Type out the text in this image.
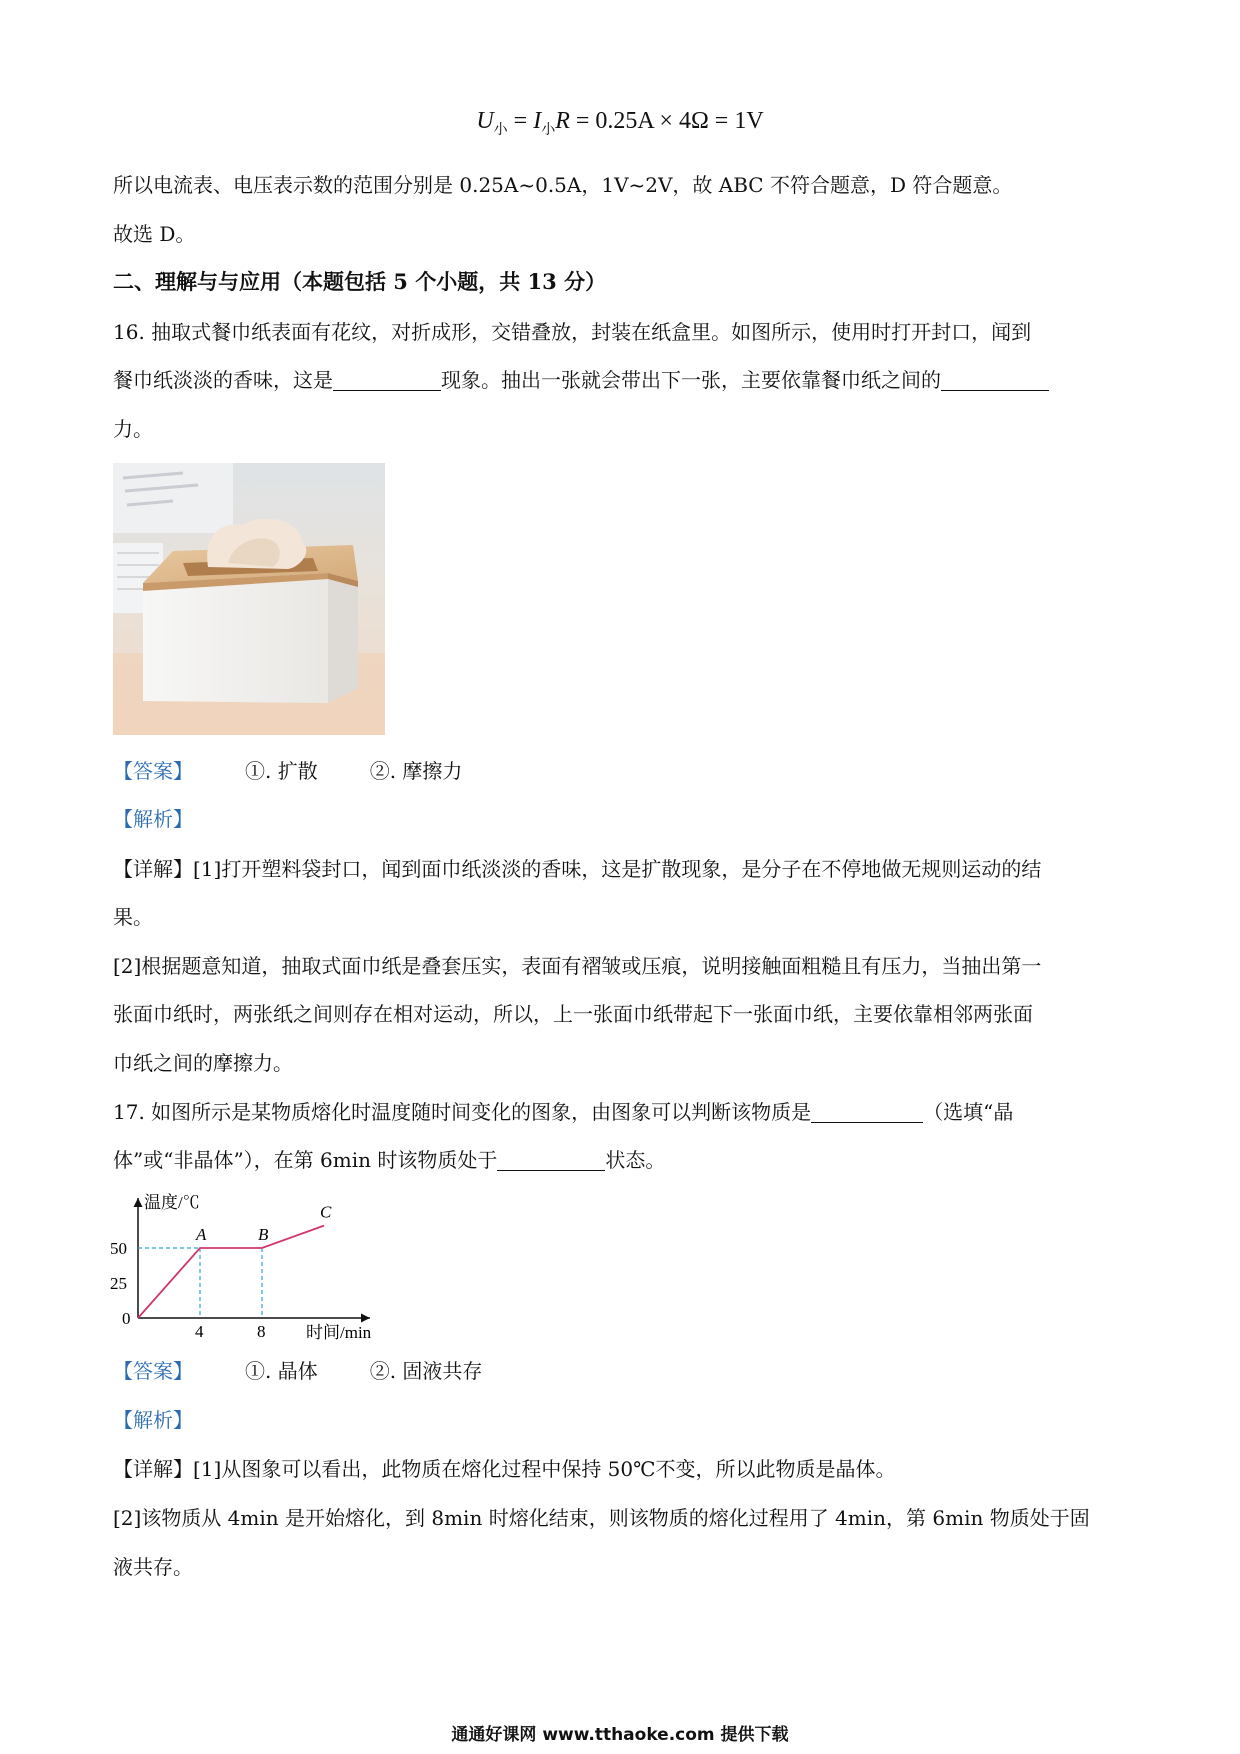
$U_小 = I_小R = 0.25A \times 4\Omega = 1V$
所以电流表、电压表示数的范围分别是 0.25A~0.5A，1V~2V，故 ABC 不符合题意，D 符合题意。
故选 D。
二、理解与与应用（本题包括 5 个小题，共 13 分）
16. 抽取式餐巾纸表面有花纹，对折成形，交错叠放，封装在纸盒里。如图所示，使用时打开封口，闻到
餐巾纸淡淡的香味，这是	现象。抽出一张就会带出下一张，主要依靠餐巾纸之间的
力。
【答案】	①. 扩散	②. 摩擦力
【解析】
【详解】[1]打开塑料袋封口，闻到面巾纸淡淡的香味，这是扩散现象，是分子在不停地做无规则运动的结
果。
[2]根据题意知道，抽取式面巾纸是叠套压实，表面有褶皱或压痕，说明接触面粗糙且有压力，当抽出第一
张面巾纸时，两张纸之间则存在相对运动，所以，上一张面巾纸带起下一张面巾纸，主要依靠相邻两张面
巾纸之间的摩擦力。
17. 如图所示是某物质熔化时温度随时间变化的图象，由图象可以判断该物质是	（选填“晶
体”或“非晶体”），在第 6min 时该物质处于	状态。
温度/℃
时间/min
0
A	B
C
25
50
4	8
【答案】	①. 晶体	②. 固液共存
【解析】
【详解】[1]从图象可以看出，此物质在熔化过程中保持 50℃不变，所以此物质是晶体。
[2]该物质从 4min 是开始熔化，到 8min 时熔化结束，则该物质的熔化过程用了 4min，第 6min 物质处于固
液共存。
通通好课网 www.tthaoke.com 提供下载
